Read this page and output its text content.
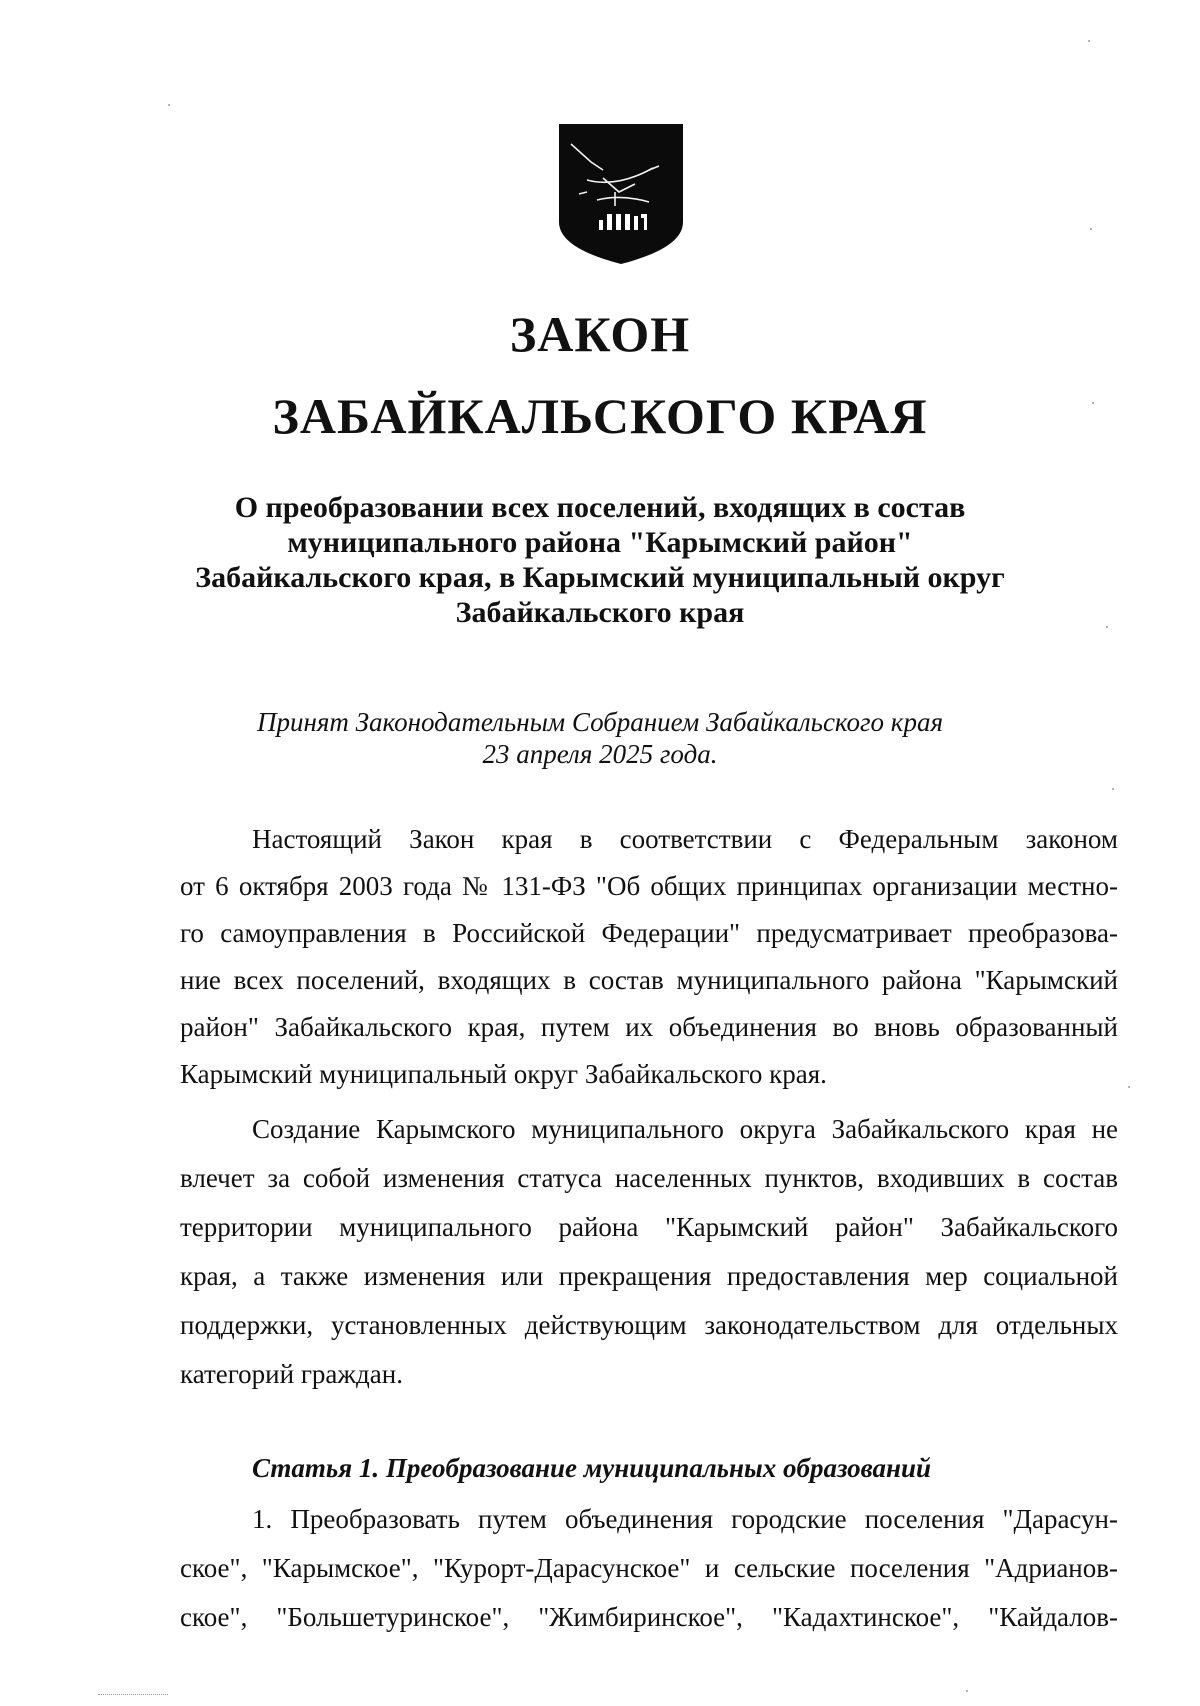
ЗАКОН
ЗАБАЙКАЛЬСКОГО КРАЯ
О преобразовании всех поселений, входящих в состав
муниципального района "Карымский район"
Забайкальского края, в Карымский муниципальный округ
Забайкальского края
Принят Законодательным Собранием Забайкальского края
23 апреля 2025 года.
Настоящий Закон края в соответствии с Федеральным законом
от 6 октября 2003 года № 131-ФЗ "Об общих принципах организации местно-
го самоуправления в Российской Федерации" предусматривает преобразова-
ние всех поселений, входящих в состав муниципального района "Карымский
район" Забайкальского края, путем их объединения во вновь образованный
Карымский муниципальный округ Забайкальского края.
Создание Карымского муниципального округа Забайкальского края не
влечет за собой изменения статуса населенных пунктов, входивших в состав
территории муниципального района "Карымский район" Забайкальского
края, а также изменения или прекращения предоставления мер социальной
поддержки, установленных действующим законодательством для отдельных
категорий граждан.
Статья 1. Преобразование муниципальных образований
1. Преобразовать путем объединения городские поселения "Дарасун-
ское", "Карымское", "Курорт-Дарасунское" и сельские поселения "Адрианов-
ское", "Большетуринское", "Жимбиринское", "Кадахтинское", "Кайдалов-
